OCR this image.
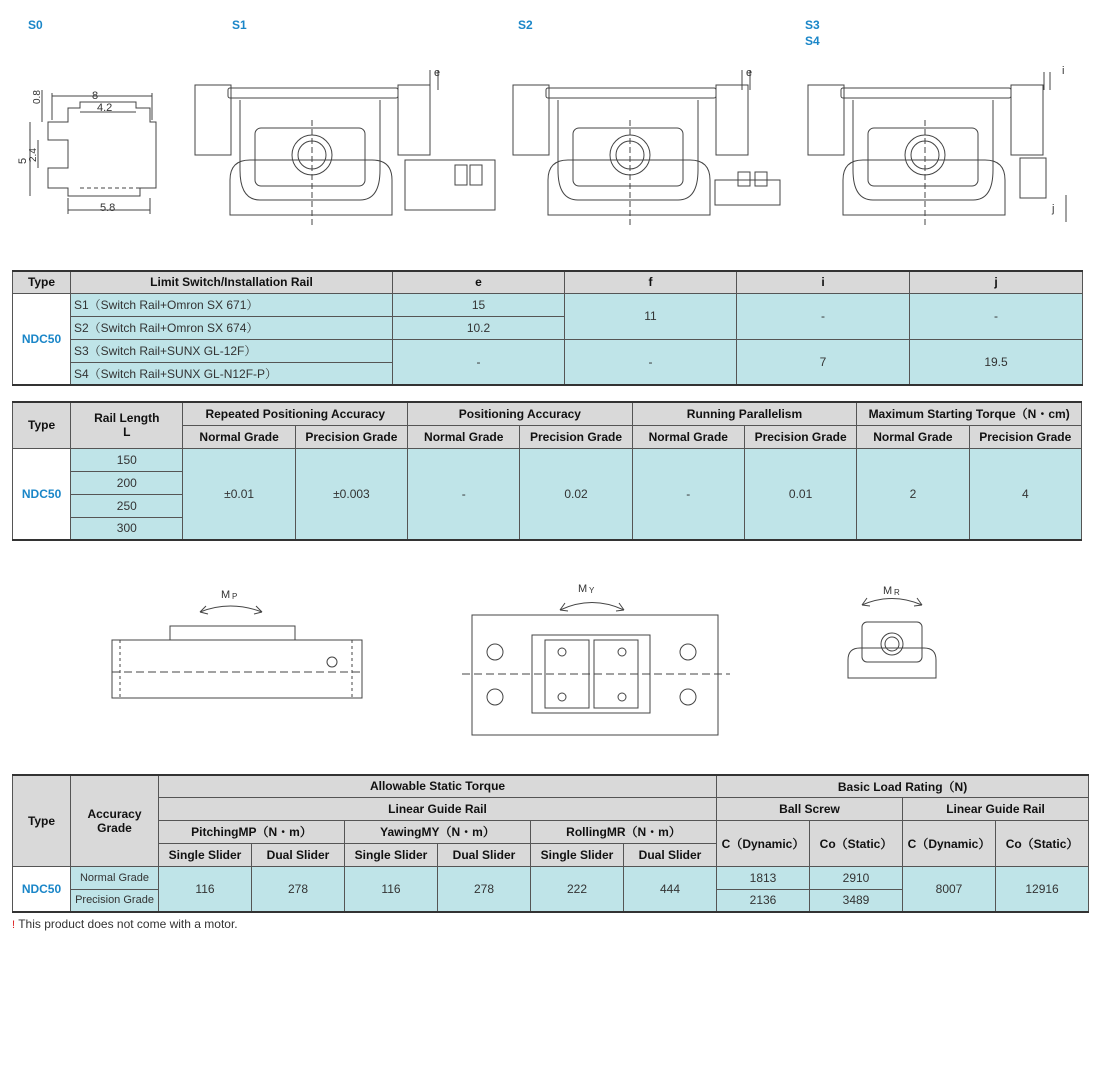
S0	S1	S2	S3
S4
8
4.2
5.8
0.8
5 2.4
e	e	i
j
Type	Limit Switch/Installation Rail	e	f	i	j
NDC50	S1（Switch Rail+Omron SX 671）	15	11	-	-
	S2（Switch Rail+Omron SX 674）	10.2			
	S3（Switch Rail+SUNX GL-12F）	-	-	7	19.5
	S4（Switch Rail+SUNX GL-N12F-P）				
Type	Rail Length
L	Repeated Positioning Accuracy		Positioning Accuracy		Running Parallelism		Maximum Starting Torque（N・cm)	
		Normal Grade	Precision Grade	Normal Grade	Precision Grade	Normal Grade	Precision Grade	Normal Grade	Precision Grade
NDC50	150	±0.01	±0.003	-	0.02	-	0.01	2	4
	200								
	250								
	300								
M P
M Y	M R
Type	Accuracy Grade	Allowable Static Torque						Basic Load Rating（N)			
		Linear Guide Rail						Ball Screw		Linear Guide Rail	
		PitchingMP（N・m）		YawingMY（N・m）		RollingMR（N・m）		C（Dynamic）	Co（Static）	C（Dynamic）	Co（Static）
		Single Slider	Dual Slider	Single Slider	Dual Slider	Single Slider	Dual Slider				
NDC50	Normal Grade	116	278	116	278	222	444	1813	2910	8007	12916
	Precision Grade							2136	3489		
! This product does not come with a motor.
